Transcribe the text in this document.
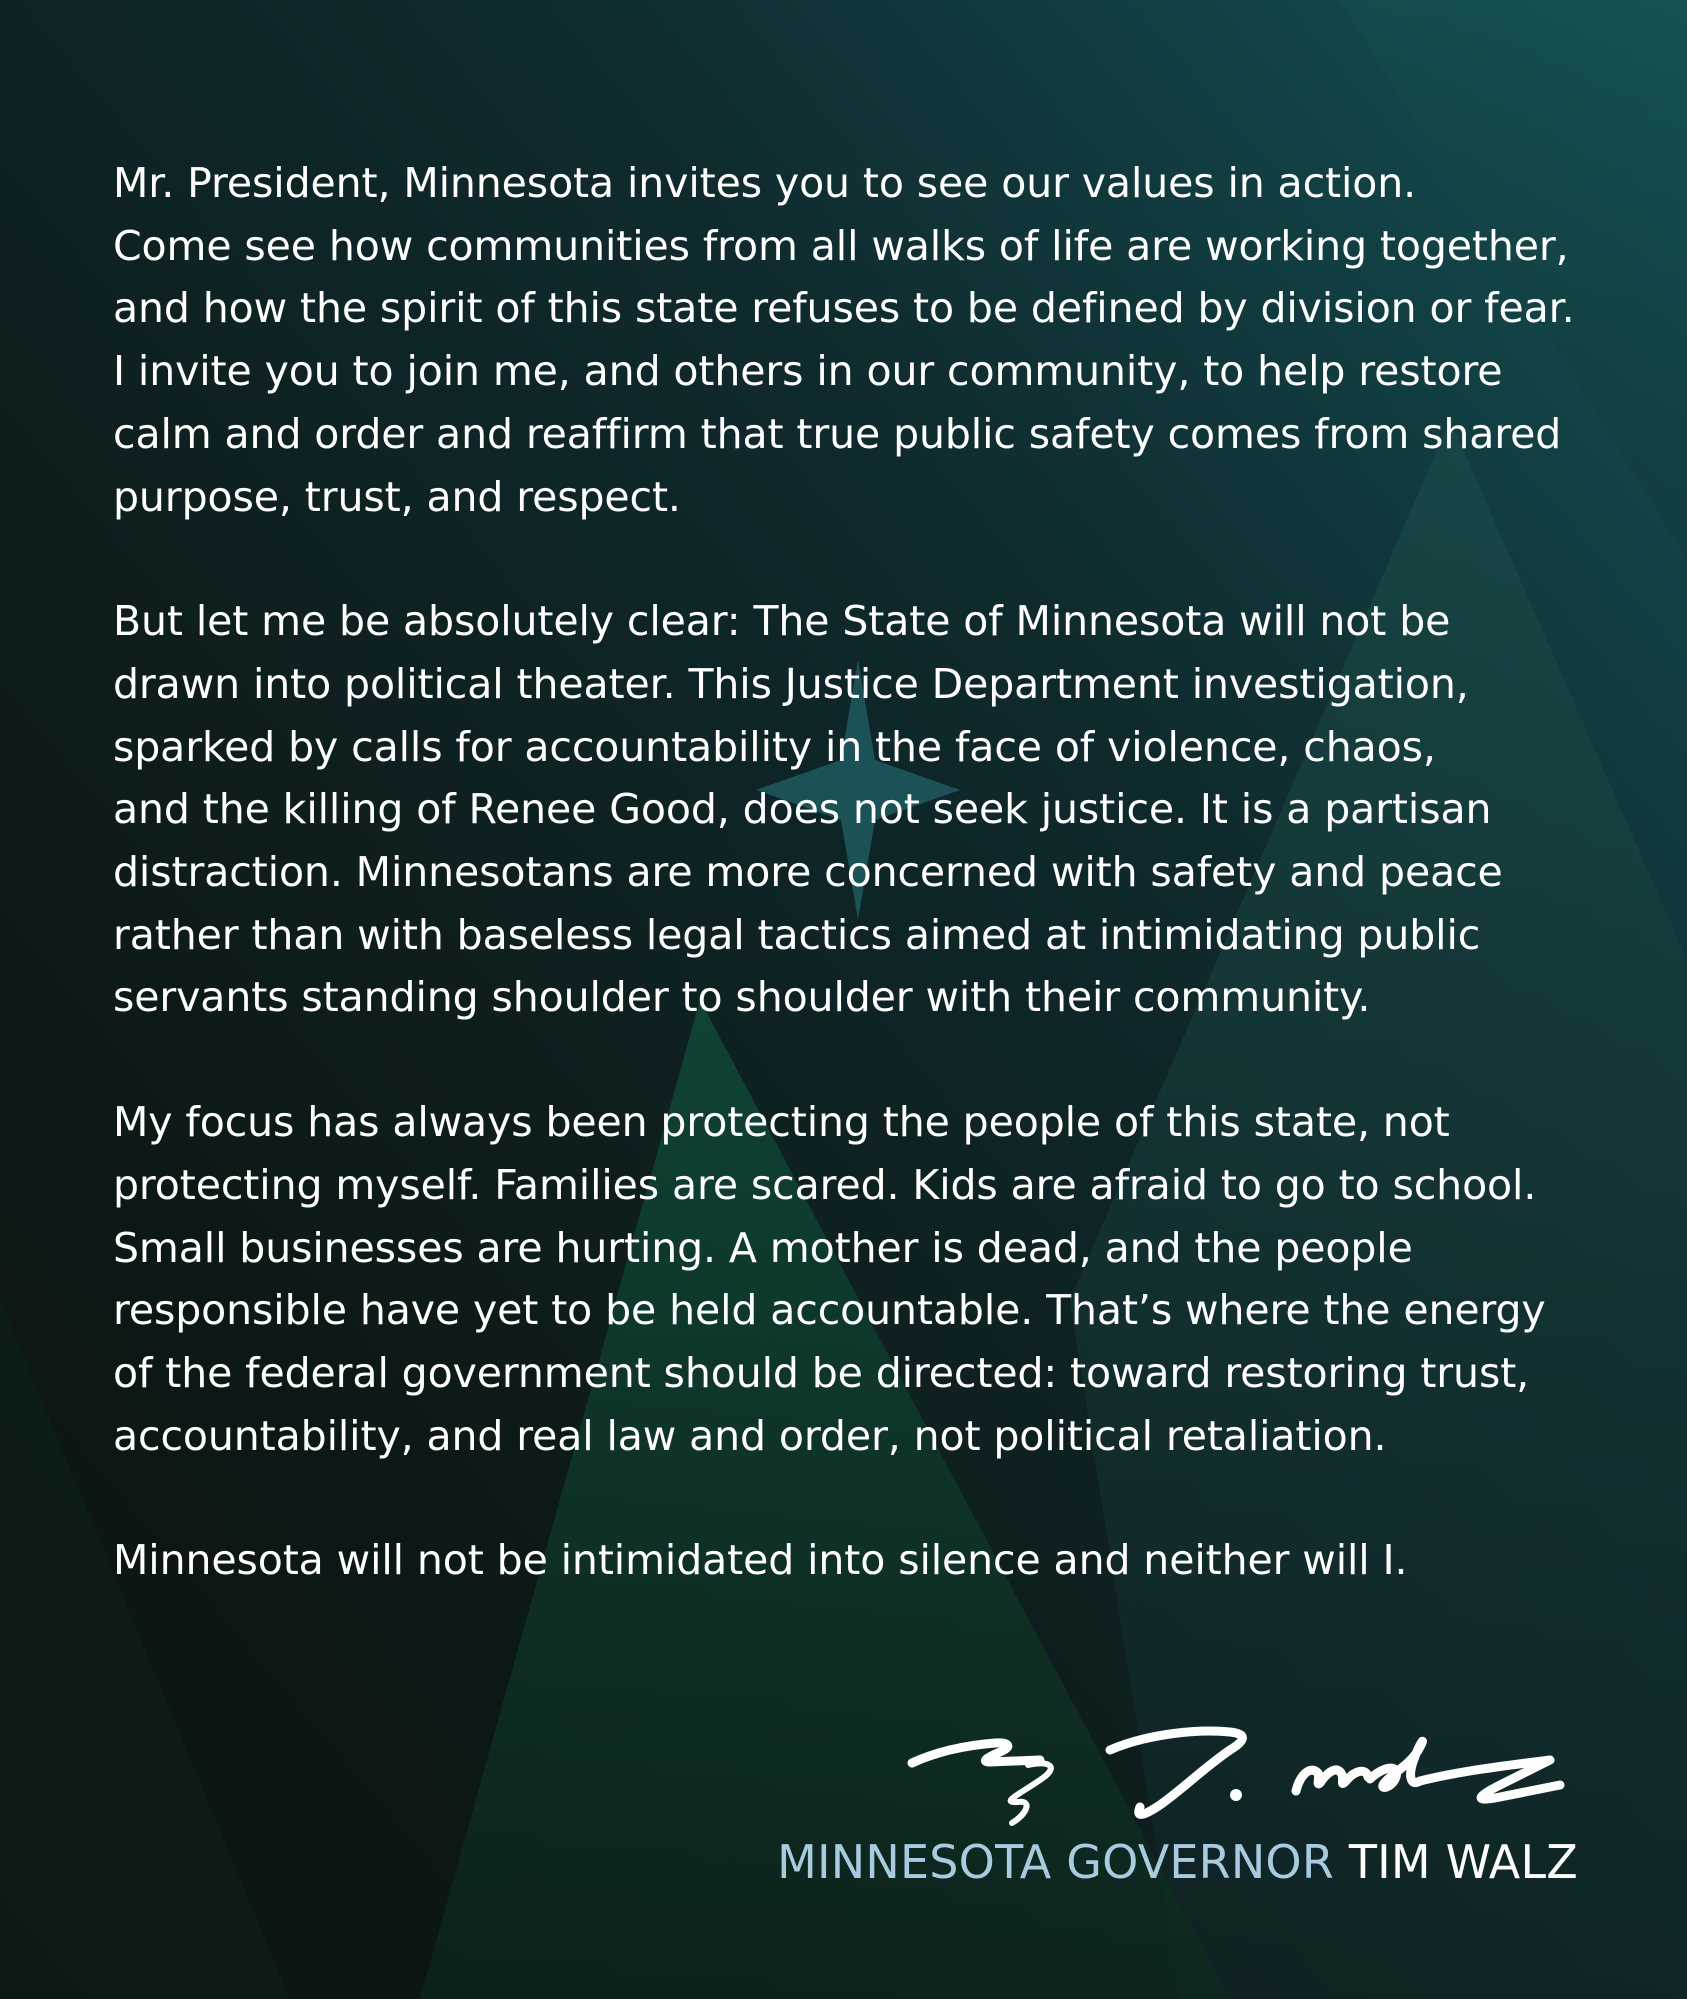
Mr. President, Minnesota invites you to see our values in action.
Come see how communities from all walks of life are working together,
and how the spirit of this state refuses to be defined by division or fear.
I invite you to join me, and others in our community, to help restore
calm and order and reaffirm that true public safety comes from shared
purpose, trust, and respect.

But let me be absolutely clear: The State of Minnesota will not be
drawn into political theater. This Justice Department investigation,
sparked by calls for accountability in the face of violence, chaos,
and the killing of Renee Good, does not seek justice. It is a partisan
distraction. Minnesotans are more concerned with safety and peace
rather than with baseless legal tactics aimed at intimidating public
servants standing shoulder to shoulder with their community.

My focus has always been protecting the people of this state, not
protecting myself. Families are scared. Kids are afraid to go to school.
Small businesses are hurting. A mother is dead, and the people
responsible have yet to be held accountable. That’s where the energy
of the federal government should be directed: toward restoring trust,
accountability, and real law and order, not political retaliation.

Minnesota will not be intimidated into silence and neither will I.

MINNESOTA GOVERNOR TIM WALZ
